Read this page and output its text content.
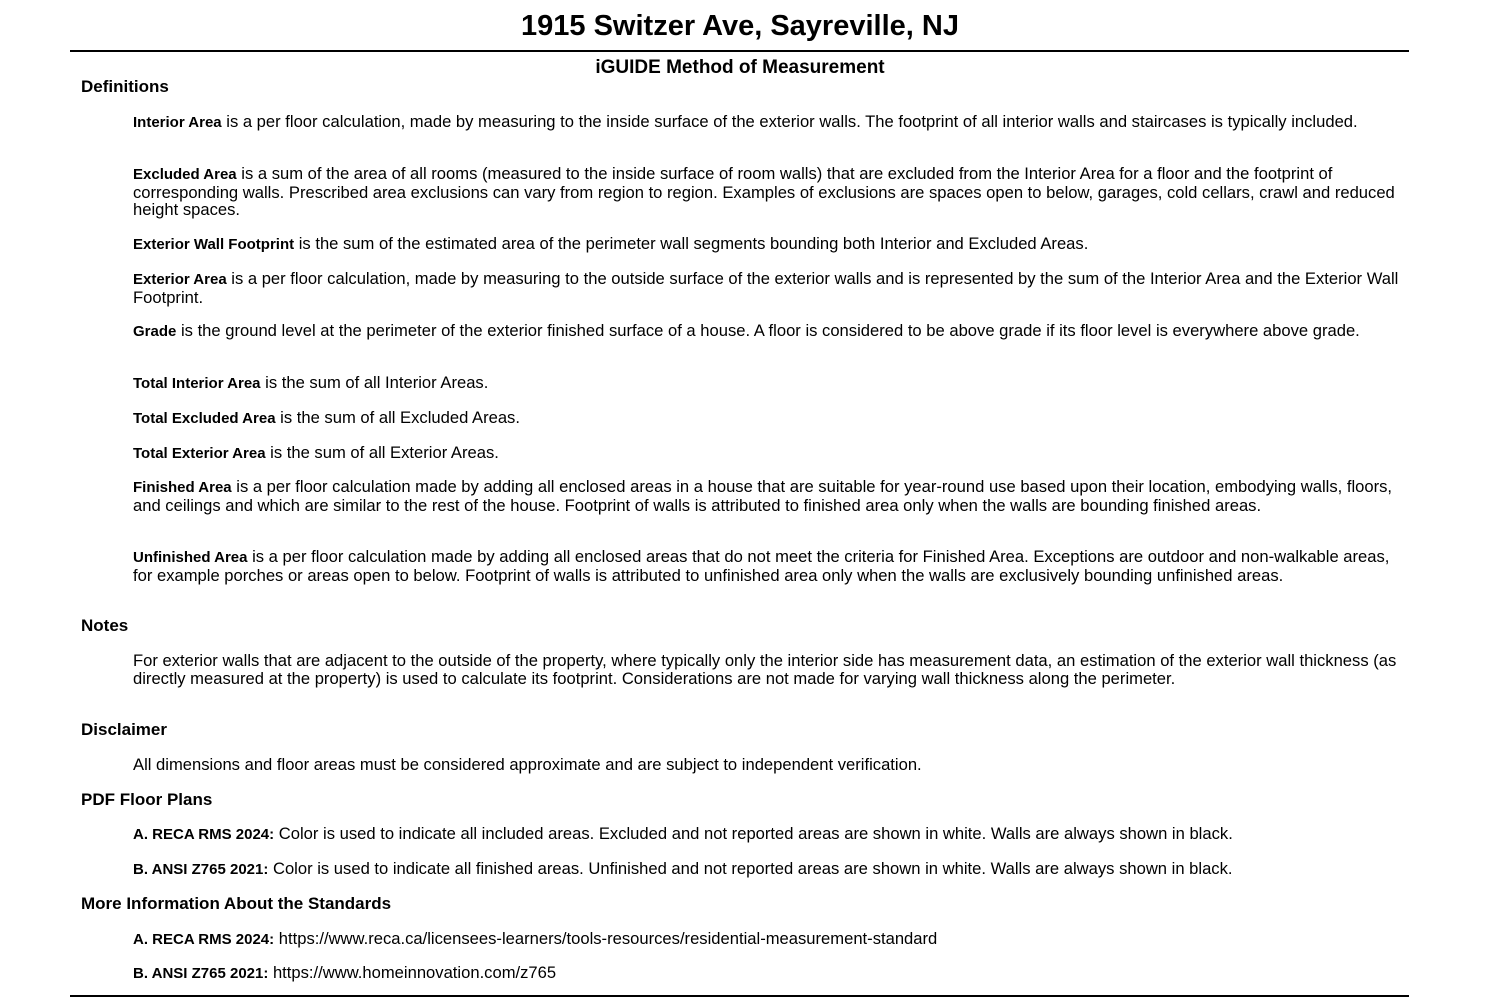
1915 Switzer Ave, Sayreville, NJ
iGUIDE Method of Measurement
Definitions
Interior Area is a per floor calculation, made by measuring to the inside surface of the exterior walls. The footprint of all interior walls and staircases is typically included.
Excluded Area is a sum of the area of all rooms (measured to the inside surface of room walls) that are excluded from the Interior Area for a floor and the footprint of corresponding walls. Prescribed area exclusions can vary from region to region. Examples of exclusions are spaces open to below, garages, cold cellars, crawl and reduced height spaces.
Exterior Wall Footprint is the sum of the estimated area of the perimeter wall segments bounding both Interior and Excluded Areas.
Exterior Area is a per floor calculation, made by measuring to the outside surface of the exterior walls and is represented by the sum of the Interior Area and the Exterior Wall Footprint.
Grade is the ground level at the perimeter of the exterior finished surface of a house. A floor is considered to be above grade if its floor level is everywhere above grade.
Total Interior Area is the sum of all Interior Areas.
Total Excluded Area is the sum of all Excluded Areas.
Total Exterior Area is the sum of all Exterior Areas.
Finished Area is a per floor calculation made by adding all enclosed areas in a house that are suitable for year-round use based upon their location, embodying walls, floors, and ceilings and which are similar to the rest of the house. Footprint of walls is attributed to finished area only when the walls are bounding finished areas.
Unfinished Area is a per floor calculation made by adding all enclosed areas that do not meet the criteria for Finished Area. Exceptions are outdoor and non-walkable areas, for example porches or areas open to below. Footprint of walls is attributed to unfinished area only when the walls are exclusively bounding unfinished areas.
Notes
For exterior walls that are adjacent to the outside of the property, where typically only the interior side has measurement data, an estimation of the exterior wall thickness (as directly measured at the property) is used to calculate its footprint. Considerations are not made for varying wall thickness along the perimeter.
Disclaimer
All dimensions and floor areas must be considered approximate and are subject to independent verification.
PDF Floor Plans
A. RECA RMS 2024: Color is used to indicate all included areas. Excluded and not reported areas are shown in white. Walls are always shown in black.
B. ANSI Z765 2021: Color is used to indicate all finished areas. Unfinished and not reported areas are shown in white. Walls are always shown in black.
More Information About the Standards
A. RECA RMS 2024: https://www.reca.ca/licensees-learners/tools-resources/residential-measurement-standard
B. ANSI Z765 2021: https://www.homeinnovation.com/z765
